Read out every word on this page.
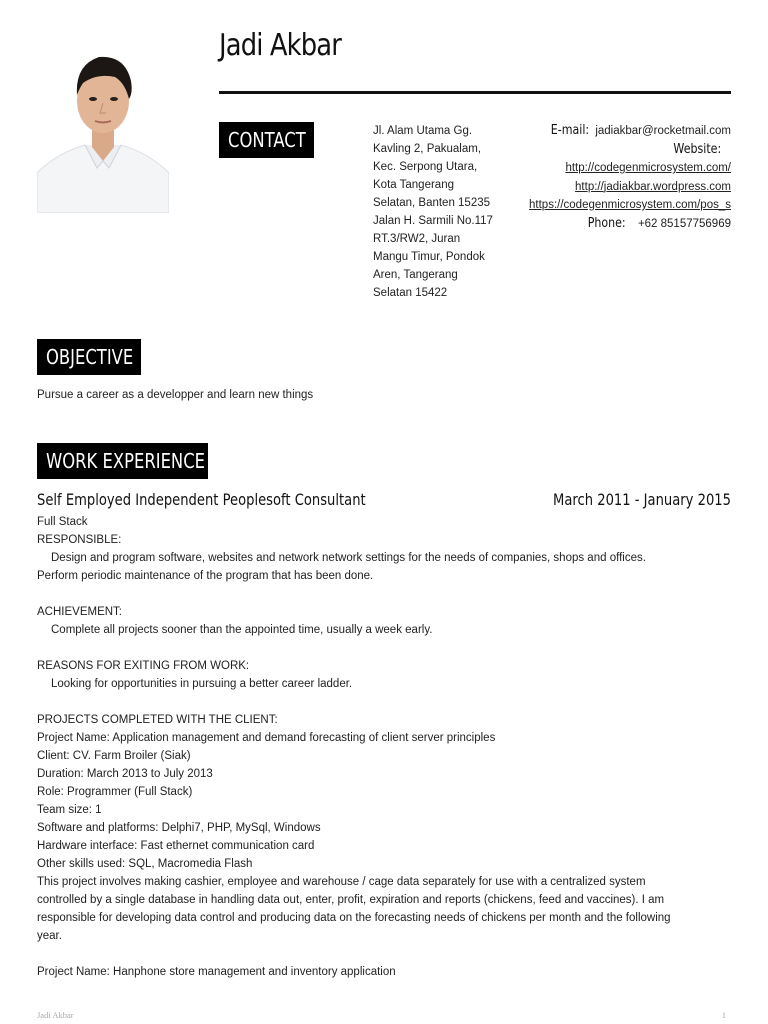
Jadi Akbar
CONTACT	Jl. Alam Utama Gg.
Kavling 2, Pakualam,
Kec. Serpong Utara,
Kota Tangerang
Selatan, Banten 15235
Jalan H. Sarmili No.117
RT.3/RW2, Juran
Mangu Timur, Pondok
Aren, Tangerang
Selatan 15422
E-mail: jadiakbar@rocketmail.com
Website:
http://codegenmicrosystem.com/
http://jadiakbar.wordpress.com
https://codegenmicrosystem.com/pos_s
Phone: +62 85157756969
OBJECTIVE
Pursue a career as a developper and learn new things
WORK EXPERIENCE
Self Employed Independent Peoplesoft Consultant	March 2011 - January 2015
Full Stack
RESPONSIBLE:
Design and program software, websites and network network settings for the needs of companies, shops and offices.
Perform periodic maintenance of the program that has been done.
ACHIEVEMENT:
Complete all projects sooner than the appointed time, usually a week early.
REASONS FOR EXITING FROM WORK:
Looking for opportunities in pursuing a better career ladder.
PROJECTS COMPLETED WITH THE CLIENT:
Project Name: Application management and demand forecasting of client server principles
Client: CV. Farm Broiler (Siak)
Duration: March 2013 to July 2013
Role: Programmer (Full Stack)
Team size: 1
Software and platforms: Delphi7, PHP, MySql, Windows
Hardware interface: Fast ethernet communication card
Other skills used: SQL, Macromedia Flash
This project involves making cashier, employee and warehouse / cage data separately for use with a centralized system
controlled by a single database in handling data out, enter, profit, expiration and reports (chickens, feed and vaccines). I am
responsible for developing data control and producing data on the forecasting needs of chickens per month and the following
year.
Project Name: Hanphone store management and inventory application
Jadi Akbar	1
